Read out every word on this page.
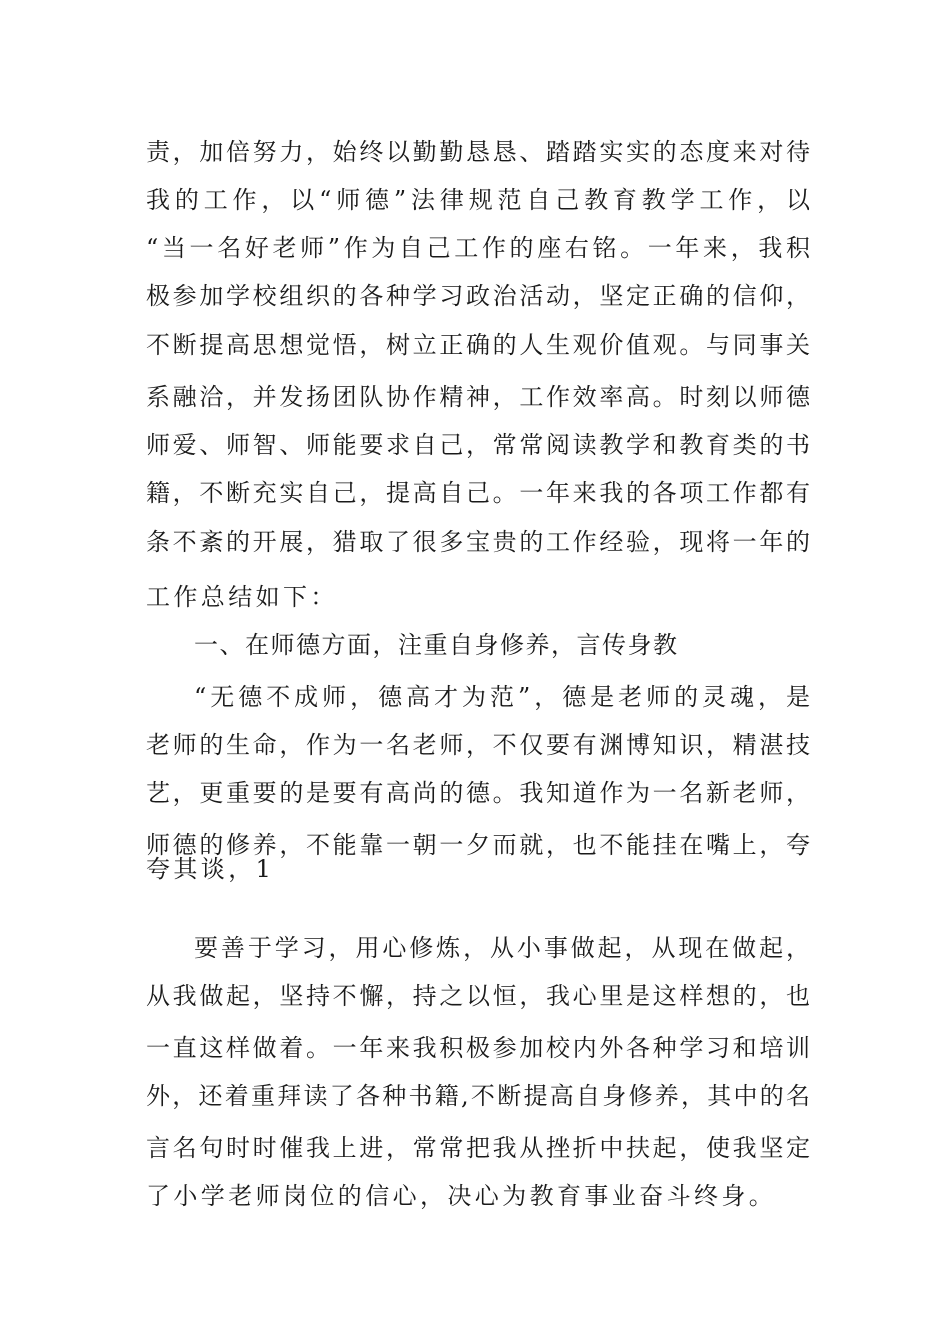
责，加倍努力，始终以勤勤恳恳、踏踏实实的态度来对待
我的工作，以“师德”法律规范自己教育教学工作，以
“当一名好老师”作为自己工作的座右铭。一年来，我积
极参加学校组织的各种学习政治活动，坚定正确的信仰，
不断提高思想觉悟，树立正确的人生观价值观。与同事关
系融洽，并发扬团队协作精神，工作效率高。时刻以师德
师爱、师智、师能要求自己，常常阅读教学和教育类的书
籍，不断充实自己，提高自己。一年来我的各项工作都有
条不紊的开展，猎取了很多宝贵的工作经验，现将一年的
工作总结如下：
一、在师德方面，注重自身修养，言传身教
“无德不成师，德高才为范”，德是老师的灵魂，是
老师的生命，作为一名老师，不仅要有渊博知识，精湛技
艺，更重要的是要有高尚的德。我知道作为一名新老师，
师德的修养，不能靠一朝一夕而就，也不能挂在嘴上，夸
夸其谈，1
要善于学习，用心修炼，从小事做起，从现在做起，
从我做起，坚持不懈，持之以恒，我心里是这样想的，也
一直这样做着。一年来我积极参加校内外各种学习和培训
外，还着重拜读了各种书籍,不断提高自身修养，其中的名
言名句时时催我上进，常常把我从挫折中扶起，使我坚定
了小学老师岗位的信心，决心为教育事业奋斗终身。
